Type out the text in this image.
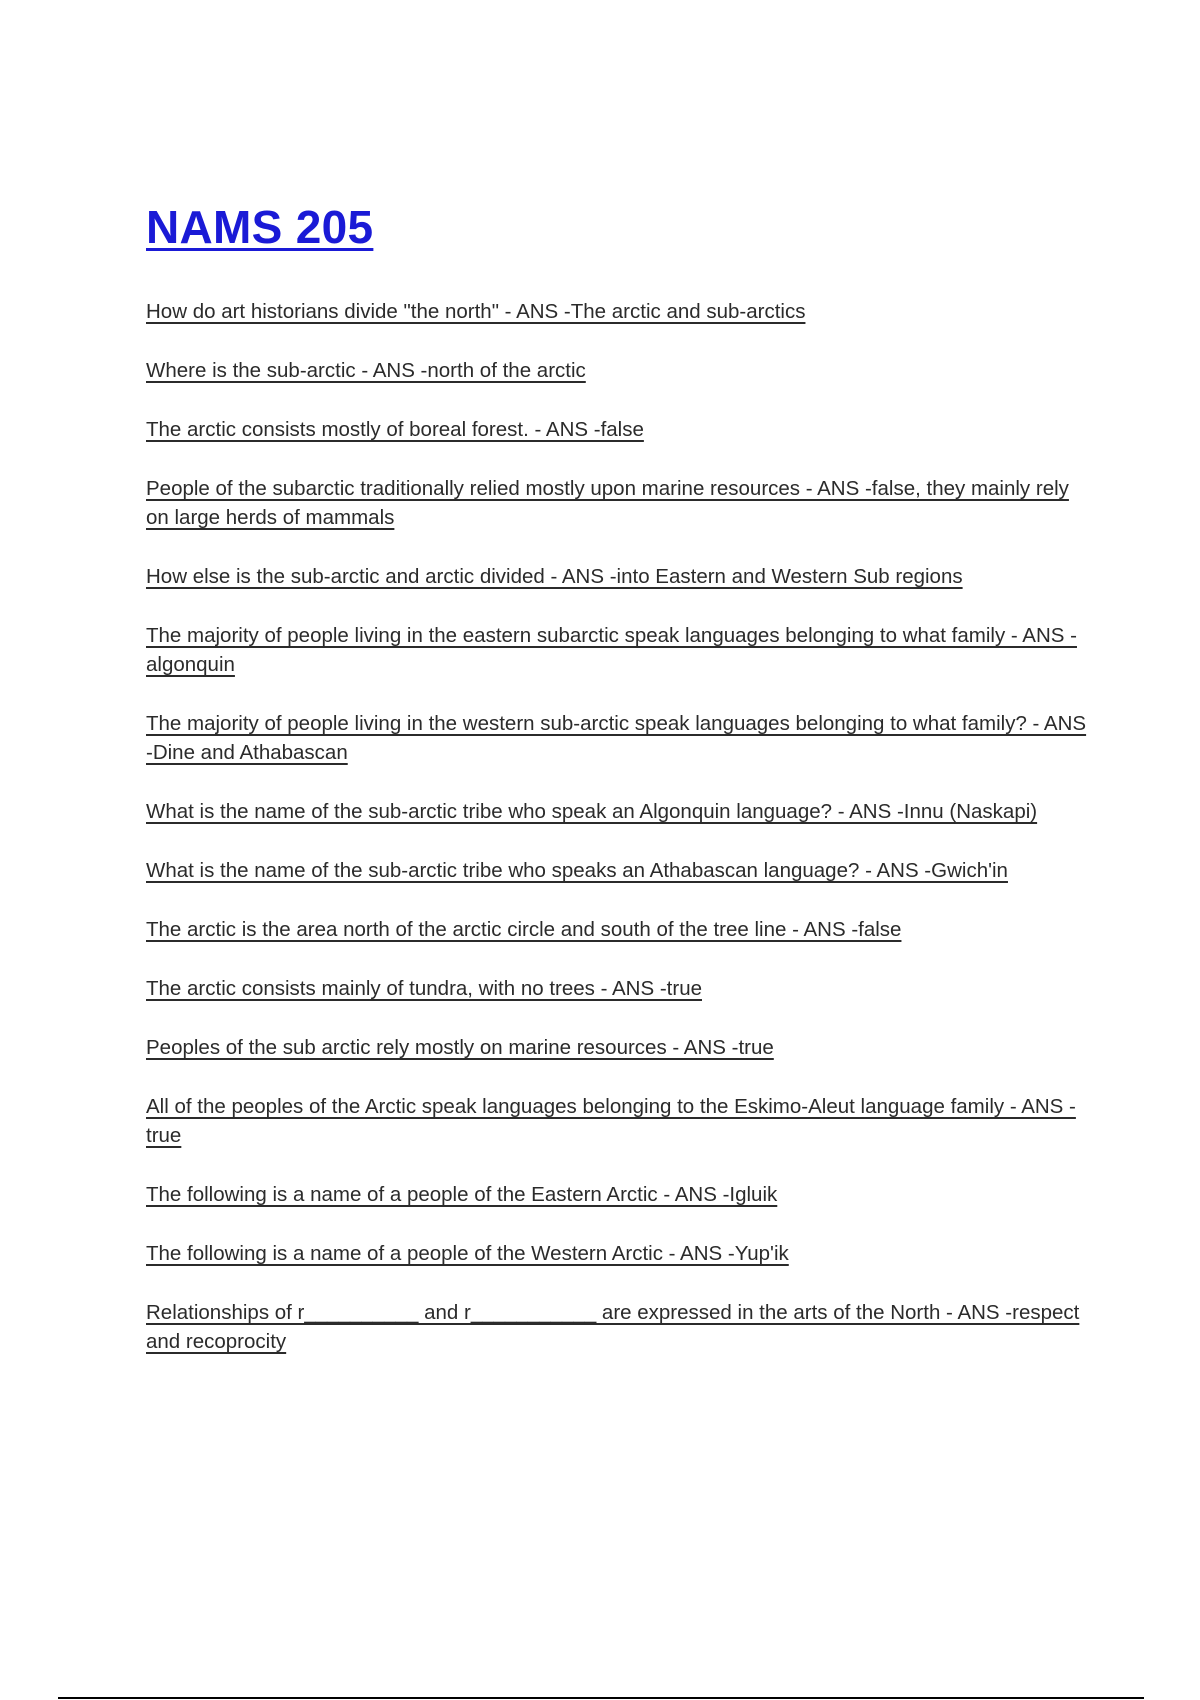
NAMS 205
How do art historians divide "the north" - ANS -The arctic and sub-arctics
Where is the sub-arctic - ANS -north of the arctic
The arctic consists mostly of boreal forest. - ANS -false
People of the subarctic traditionally relied mostly upon marine resources - ANS -false, they mainly rely on large herds of mammals
How else is the sub-arctic and arctic divided - ANS -into Eastern and Western Sub regions
The majority of people living in the eastern subarctic speak languages belonging to what family - ANS -algonquin
The majority of people living in the western sub-arctic speak languages belonging to what family? - ANS -Dine and Athabascan
What is the name of the sub-arctic tribe who speak an Algonquin language? - ANS -Innu (Naskapi)
What is the name of the sub-arctic tribe who speaks an Athabascan language? - ANS -Gwich'in
The arctic is the area north of the arctic circle and south of the tree line - ANS -false
The arctic consists mainly of tundra, with no trees - ANS -true
Peoples of the sub arctic rely mostly on marine resources - ANS -true
All of the peoples of the Arctic speak languages belonging to the Eskimo-Aleut language family - ANS -true
The following is a name of a people of the Eastern Arctic - ANS -Igluik
The following is a name of a people of the Western Arctic - ANS -Yup'ik
Relationships of r__________ and r___________ are expressed in the arts of the North - ANS -respect and recoprocity
